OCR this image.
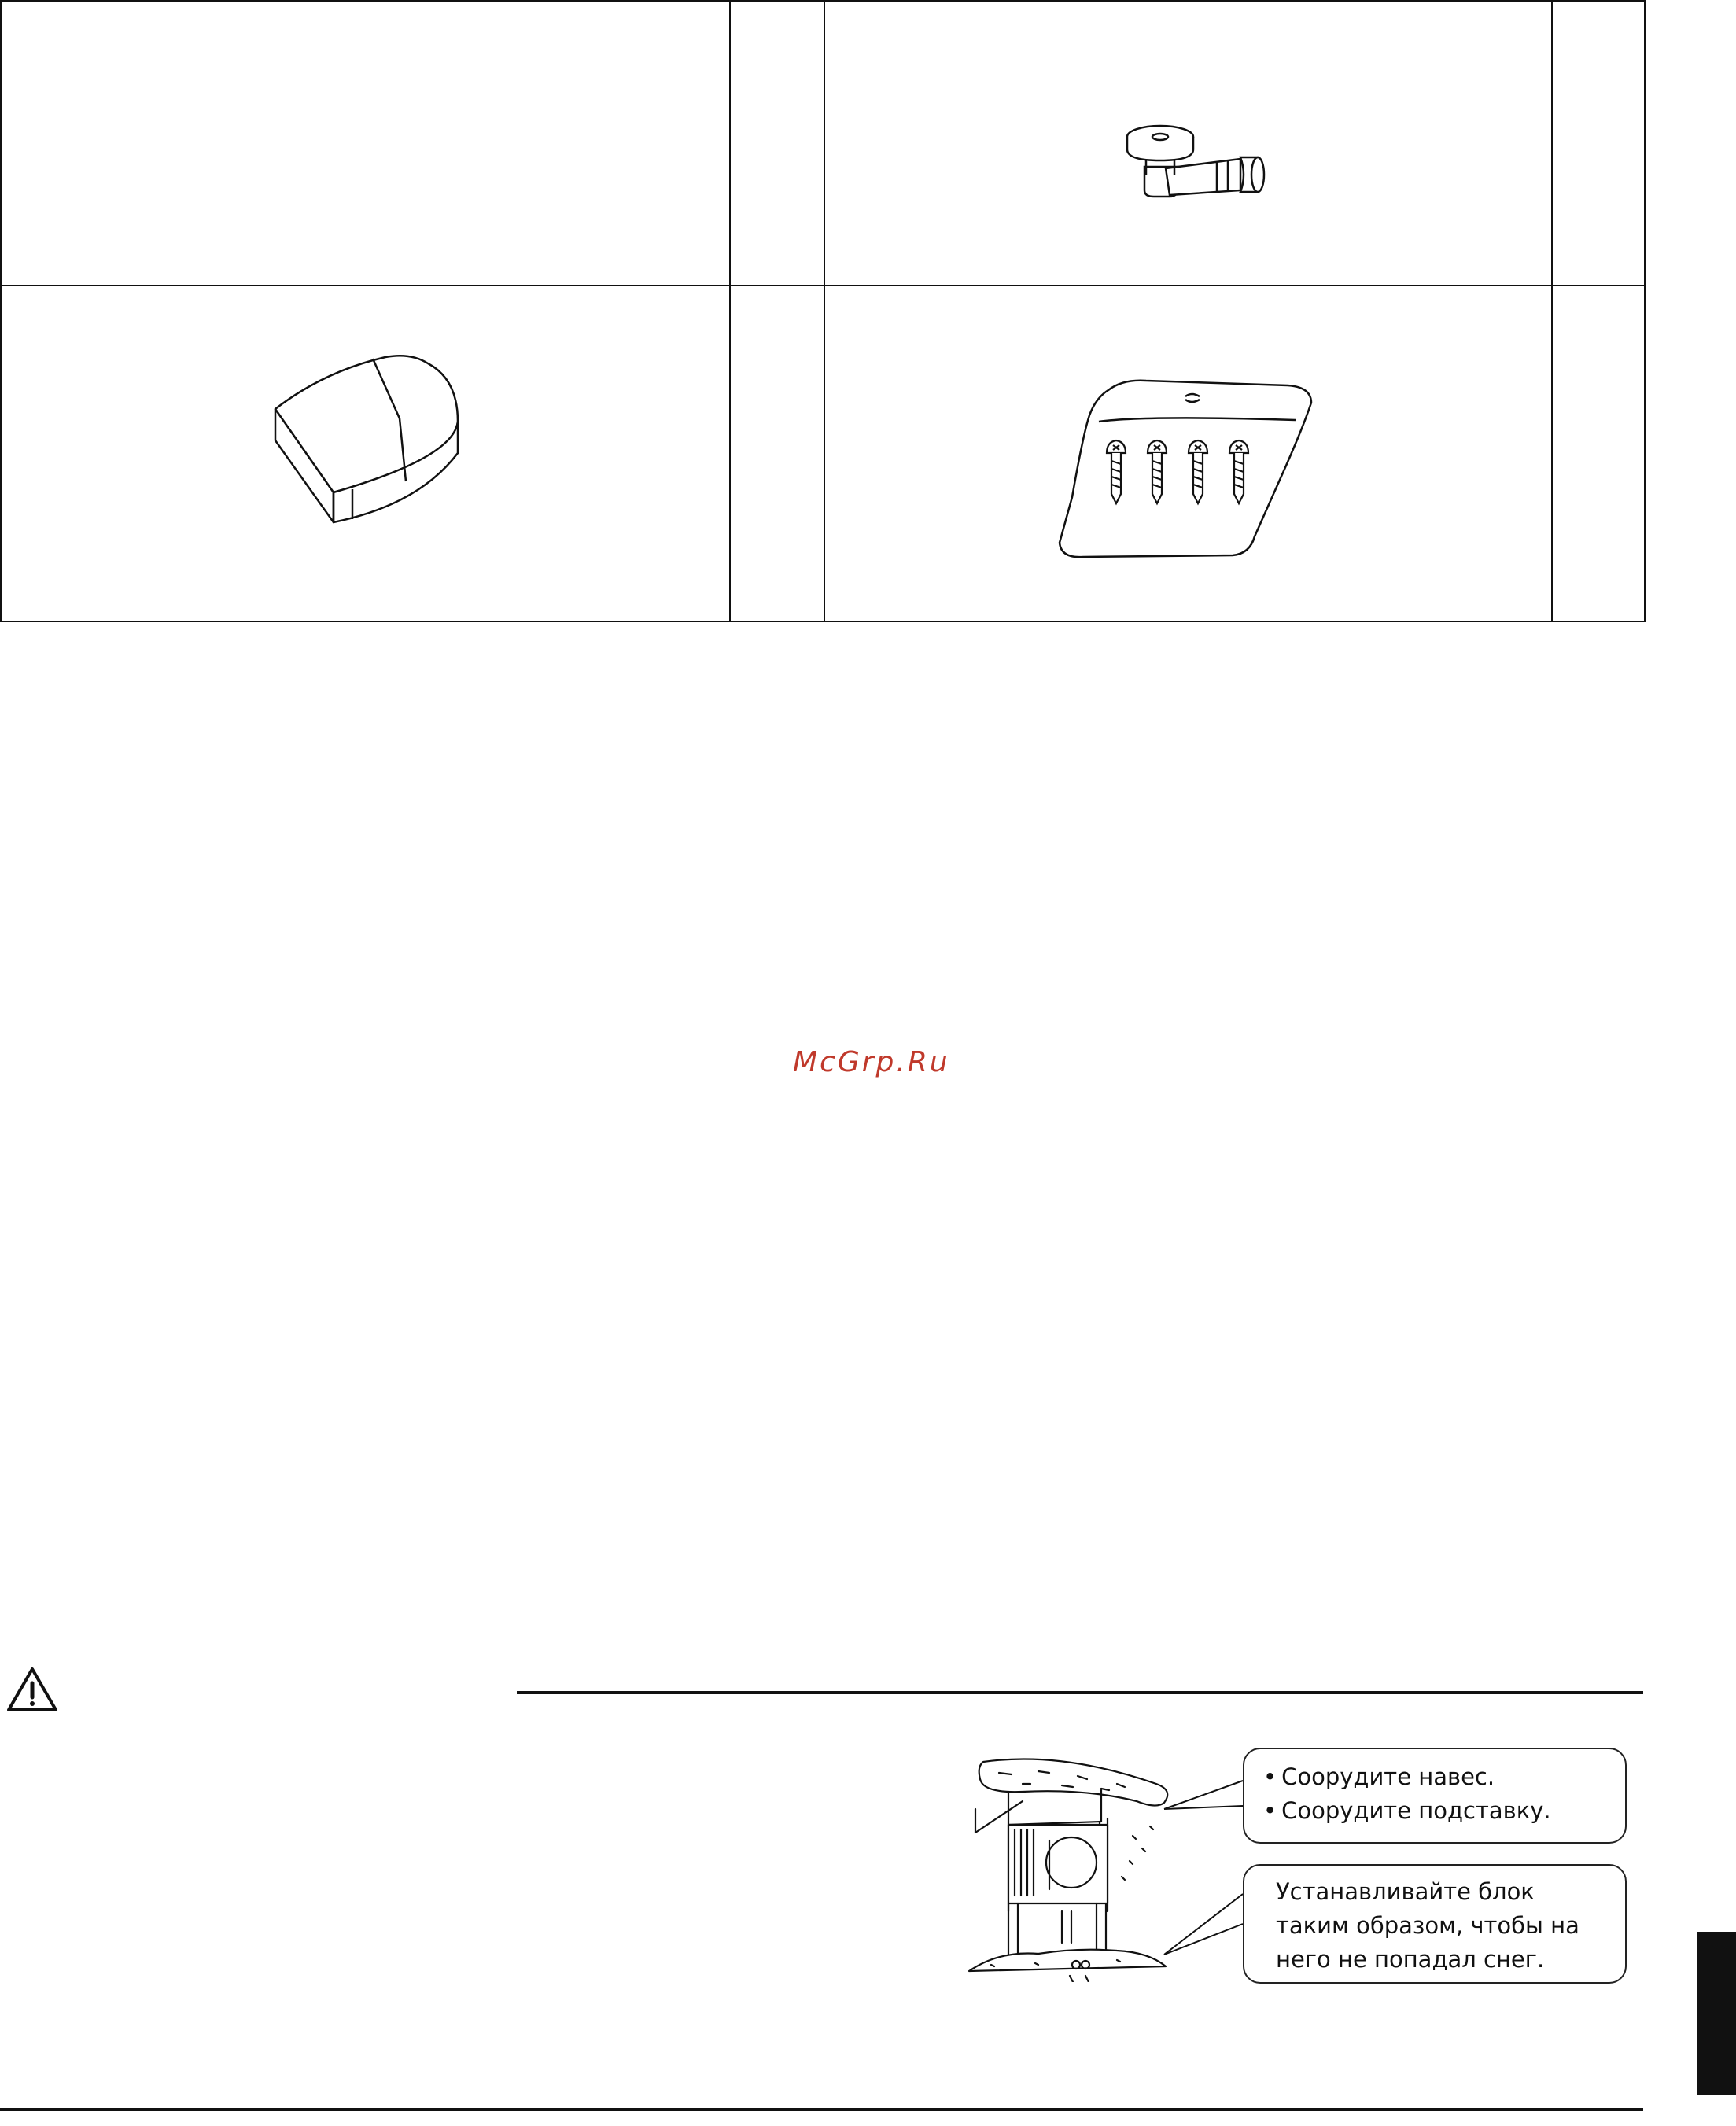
McGrp.Ru
• Соорудите навес.
• Соорудите подставку.
Устанавливайте блок таким образом, чтобы на него не попадал снег.
